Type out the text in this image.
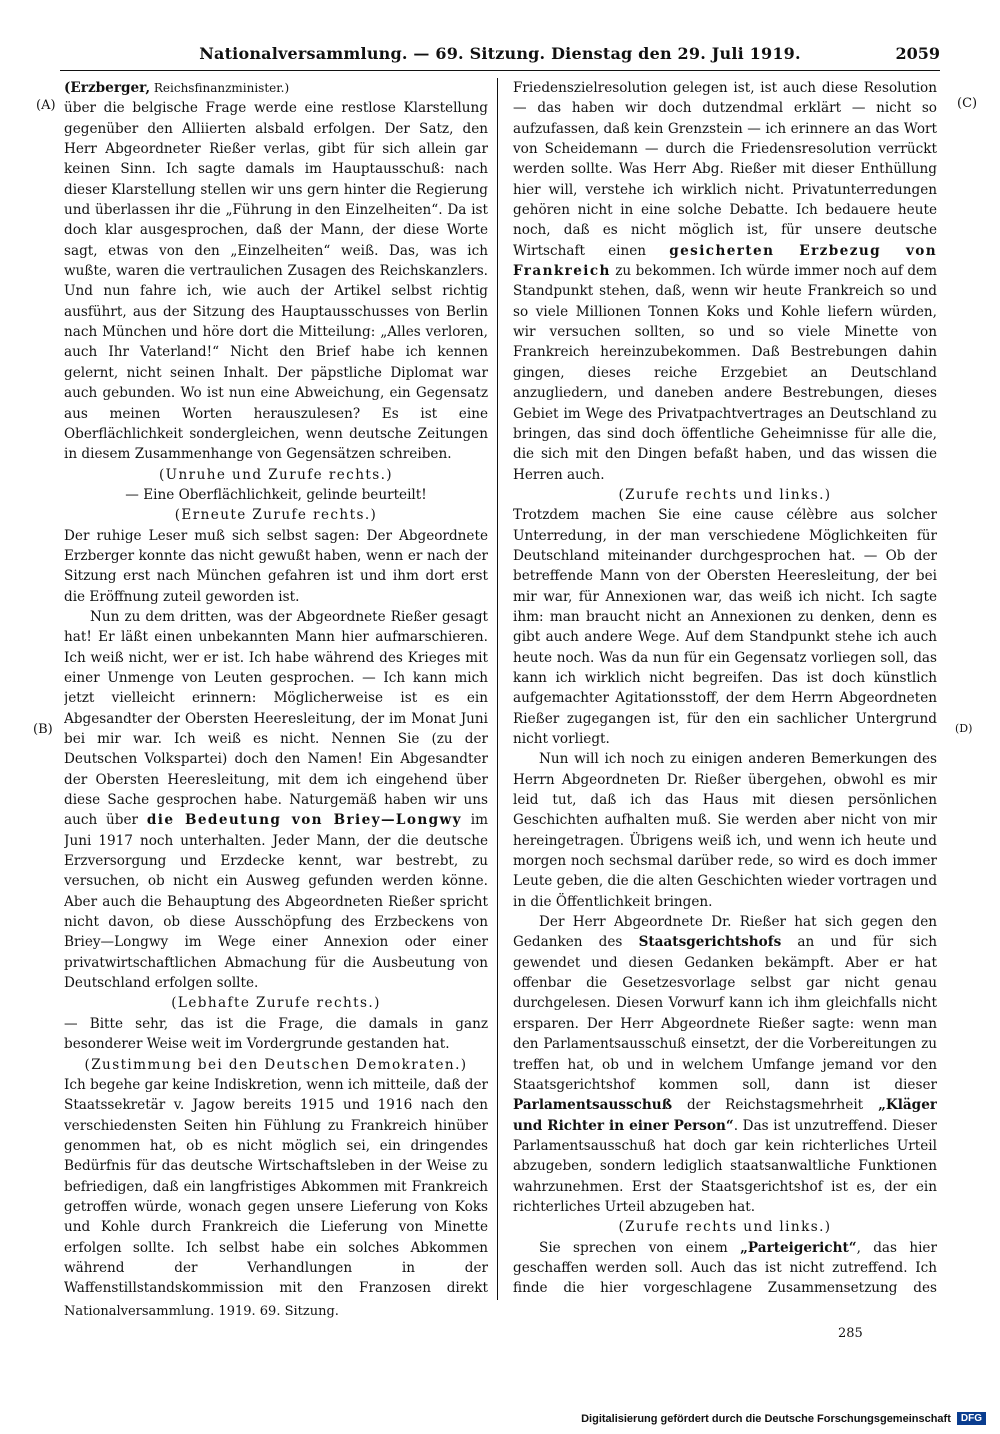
Nationalversammlung. — 69. Sitzung. Dienstag den 29. Juli 1919.	2059
(A)
(B)
(C)
(D)

(Erzberger, Reichsfinanzminister.)

über die belgische Frage werde eine restlose Klarstellung gegenüber den Alliierten alsbald erfolgen. Der Satz, den Herr Abgeordneter Rießer verlas, gibt für sich allein gar keinen Sinn. Ich sagte damals im Hauptausschuß: nach dieser Klarstellung stellen wir uns gern hinter die Regierung und überlassen ihr die „Führung in den Einzelheiten“. Da ist doch klar ausgesprochen, daß der Mann, der diese Worte sagt, etwas von den „Einzelheiten“ weiß. Das, was ich wußte, waren die vertraulichen Zusagen des Reichskanzlers. Und nun fahre ich, wie auch der Artikel selbst richtig ausführt, aus der Sitzung des Hauptausschusses von Berlin nach München und höre dort die Mitteilung: „Alles verloren, auch Ihr Vaterland!“ Nicht den Brief habe ich kennen gelernt, nicht seinen Inhalt. Der päpstliche Diplomat war auch gebunden. Wo ist nun eine Abweichung, ein Gegensatz aus meinen Worten herauszulesen? Es ist eine Oberflächlichkeit sondergleichen, wenn deutsche Zeitungen in diesem Zusammenhange von Gegensätzen schreiben.

(Unruhe und Zurufe rechts.)

— Eine Oberflächlichkeit, gelinde beurteilt!

(Erneute Zurufe rechts.)

Der ruhige Leser muß sich selbst sagen: Der Abgeordnete Erzberger konnte das nicht gewußt haben, wenn er nach der Sitzung erst nach München gefahren ist und ihm dort erst die Eröffnung zuteil geworden ist.

Nun zu dem dritten, was der Abgeordnete Rießer gesagt hat! Er läßt einen unbekannten Mann hier aufmarschieren. Ich weiß nicht, wer er ist. Ich habe während des Krieges mit einer Unmenge von Leuten gesprochen. — Ich kann mich jetzt vielleicht erinnern: Möglicherweise ist es ein Abgesandter der Obersten Heeresleitung, der im Monat Juni bei mir war. Ich weiß es nicht. Nennen Sie (zu der Deutschen Volkspartei) doch den Namen! Ein Abgesandter der Obersten Heeresleitung, mit dem ich eingehend über diese Sache gesprochen habe. Naturgemäß haben wir uns auch über die Bedeutung von Briey—Longwy im Juni 1917 noch unterhalten. Jeder Mann, der die deutsche Erzversorgung und Erzdecke kennt, war bestrebt, zu versuchen, ob nicht ein Ausweg gefunden werden könne. Aber auch die Behauptung des Abgeordneten Rießer spricht nicht davon, ob diese Ausschöpfung des Erzbeckens von Briey—Longwy im Wege einer Annexion oder einer privatwirtschaftlichen Abmachung für die Ausbeutung von Deutschland erfolgen sollte.

(Lebhafte Zurufe rechts.)

— Bitte sehr, das ist die Frage, die damals in ganz besonderer Weise weit im Vordergrunde gestanden hat.

(Zustimmung bei den Deutschen Demokraten.)

Ich begehe gar keine Indiskretion, wenn ich mitteile, daß der Staatssekretär v. Jagow bereits 1915 und 1916 nach den verschiedensten Seiten hin Fühlung zu Frankreich hinüber genommen hat, ob es nicht möglich sei, ein dringendes Bedürfnis für das deutsche Wirtschaftsleben in der Weise zu befriedigen, daß ein langfristiges Abkommen mit Frankreich getroffen würde, wonach gegen unsere Lieferung von Koks und Kohle durch Frankreich die Lieferung von Minette erfolgen sollte. Ich selbst habe ein solches Abkommen während der Verhandlungen in der Waffenstillstandskommission mit den Franzosen direkt

Friedenszielresolution gelegen ist, ist auch diese Resolution — das haben wir doch dutzendmal erklärt — nicht so aufzufassen, daß kein Grenzstein — ich erinnere an das Wort von Scheidemann — durch die Friedensresolution verrückt werden sollte. Was Herr Abg. Rießer mit dieser Enthüllung hier will, verstehe ich wirklich nicht. Privatunterredungen gehören nicht in eine solche Debatte. Ich bedauere heute noch, daß es nicht möglich ist, für unsere deutsche Wirtschaft einen gesicherten Erzbezug von Frankreich zu bekommen. Ich würde immer noch auf dem Standpunkt stehen, daß, wenn wir heute Frankreich so und so viele Millionen Tonnen Koks und Kohle liefern würden, wir versuchen sollten, so und so viele Minette von Frankreich hereinzubekommen. Daß Bestrebungen dahin gingen, dieses reiche Erzgebiet an Deutschland anzugliedern, und daneben andere Bestrebungen, dieses Gebiet im Wege des Privatpachtvertrages an Deutschland zu bringen, das sind doch öffentliche Geheimnisse für alle die, die sich mit den Dingen befaßt haben, und das wissen die Herren auch.

(Zurufe rechts und links.)

Trotzdem machen Sie eine cause célèbre aus solcher Unterredung, in der man verschiedene Möglichkeiten für Deutschland miteinander durchgesprochen hat. — Ob der betreffende Mann von der Obersten Heeresleitung, der bei mir war, für Annexionen war, das weiß ich nicht. Ich sagte ihm: man braucht nicht an Annexionen zu denken, denn es gibt auch andere Wege. Auf dem Standpunkt stehe ich auch heute noch. Was da nun für ein Gegensatz vorliegen soll, das kann ich wirklich nicht begreifen. Das ist doch künstlich aufgemachter Agitationsstoff, der dem Herrn Abgeordneten Rießer zugegangen ist, für den ein sachlicher Untergrund nicht vorliegt.

Nun will ich noch zu einigen anderen Bemerkungen des Herrn Abgeordneten Dr. Rießer übergehen, obwohl es mir leid tut, daß ich das Haus mit diesen persönlichen Geschichten aufhalten muß. Sie werden aber nicht von mir hereingetragen. Übrigens weiß ich, und wenn ich heute und morgen noch sechsmal darüber rede, so wird es doch immer Leute geben, die die alten Geschichten wieder vortragen und in die Öffentlichkeit bringen.

Der Herr Abgeordnete Dr. Rießer hat sich gegen den Gedanken des Staatsgerichtshofs an und für sich gewendet und diesen Gedanken bekämpft. Aber er hat offenbar die Gesetzesvorlage selbst gar nicht genau durchgelesen. Diesen Vorwurf kann ich ihm gleichfalls nicht ersparen. Der Herr Abgeordnete Rießer sagte: wenn man den Parlamentsausschuß einsetzt, der die Vorbereitungen zu treffen hat, ob und in welchem Umfange jemand vor den Staatsgerichtshof kommen soll, dann ist dieser Parlamentsausschuß der Reichstagsmehrheit „Kläger und Richter in einer Person“. Das ist unzutreffend. Dieser Parlamentsausschuß hat doch gar kein richterliches Urteil abzugeben, sondern lediglich staatsanwaltliche Funktionen wahrzunehmen. Erst der Staatsgerichtshof ist es, der ein richterliches Urteil abzugeben hat.

(Zurufe rechts und links.)

Sie sprechen von einem „Parteigericht“, das hier geschaffen werden soll. Auch das ist nicht zutreffend. Ich finde die hier vorgeschlagene Zusammensetzung des

Nationalversammlung. 1919. 69. Sitzung.
285
Digitalisierung gefördert durch die Deutsche Forschungsgemeinschaft	DFG
